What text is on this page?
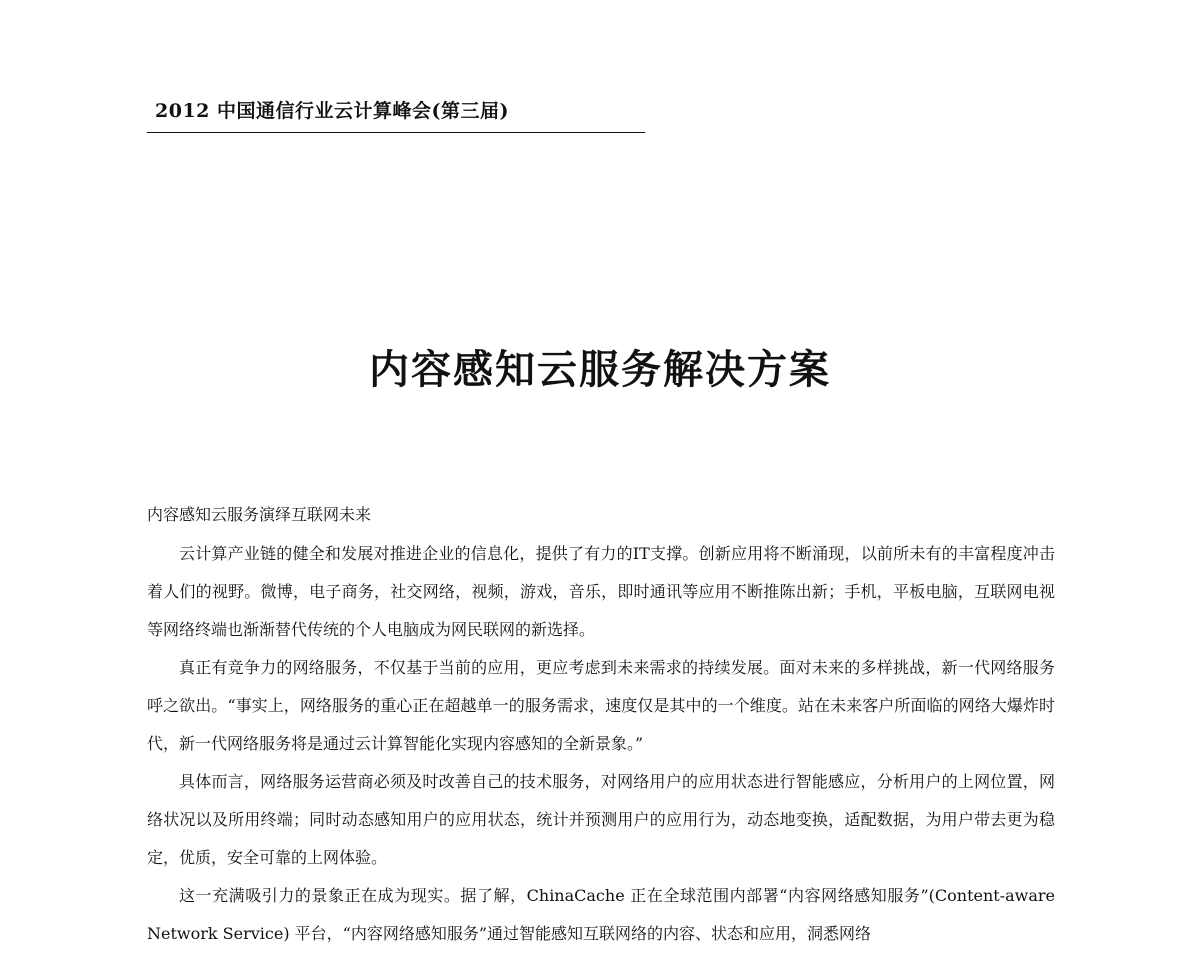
2012 中国通信行业云计算峰会(第三届)
内容感知云服务解决方案
内容感知云服务演绎互联网未来

云计算产业链的健全和发展对推进企业的信息化，提供了有力的IT支撑。创新应用将不断涌现，以前所未有的丰富程度冲击着人们的视野。微博，电子商务，社交网络，视频，游戏，音乐，即时通讯等应用不断推陈出新；手机，平板电脑，互联网电视等网络终端也渐渐替代传统的个人电脑成为网民联网的新选择。

真正有竞争力的网络服务，不仅基于当前的应用，更应考虑到未来需求的持续发展。面对未来的多样挑战，新一代网络服务呼之欲出。“事实上，网络服务的重心正在超越单一的服务需求，速度仅是其中的一个维度。站在未来客户所面临的网络大爆炸时代，新一代网络服务将是通过云计算智能化实现内容感知的全新景象。”

具体而言，网络服务运营商必须及时改善自己的技术服务，对网络用户的应用状态进行智能感应，分析用户的上网位置，网络状况以及所用终端；同时动态感知用户的应用状态，统计并预测用户的应用行为，动态地变换，适配数据，为用户带去更为稳定，优质，安全可靠的上网体验。

这一充满吸引力的景象正在成为现实。据了解，ChinaCache 正在全球范围内部署“内容网络感知服务”(Content-aware Network Service) 平台，“内容网络感知服务”通过智能感知互联网络的内容、状态和应用，洞悉网络
